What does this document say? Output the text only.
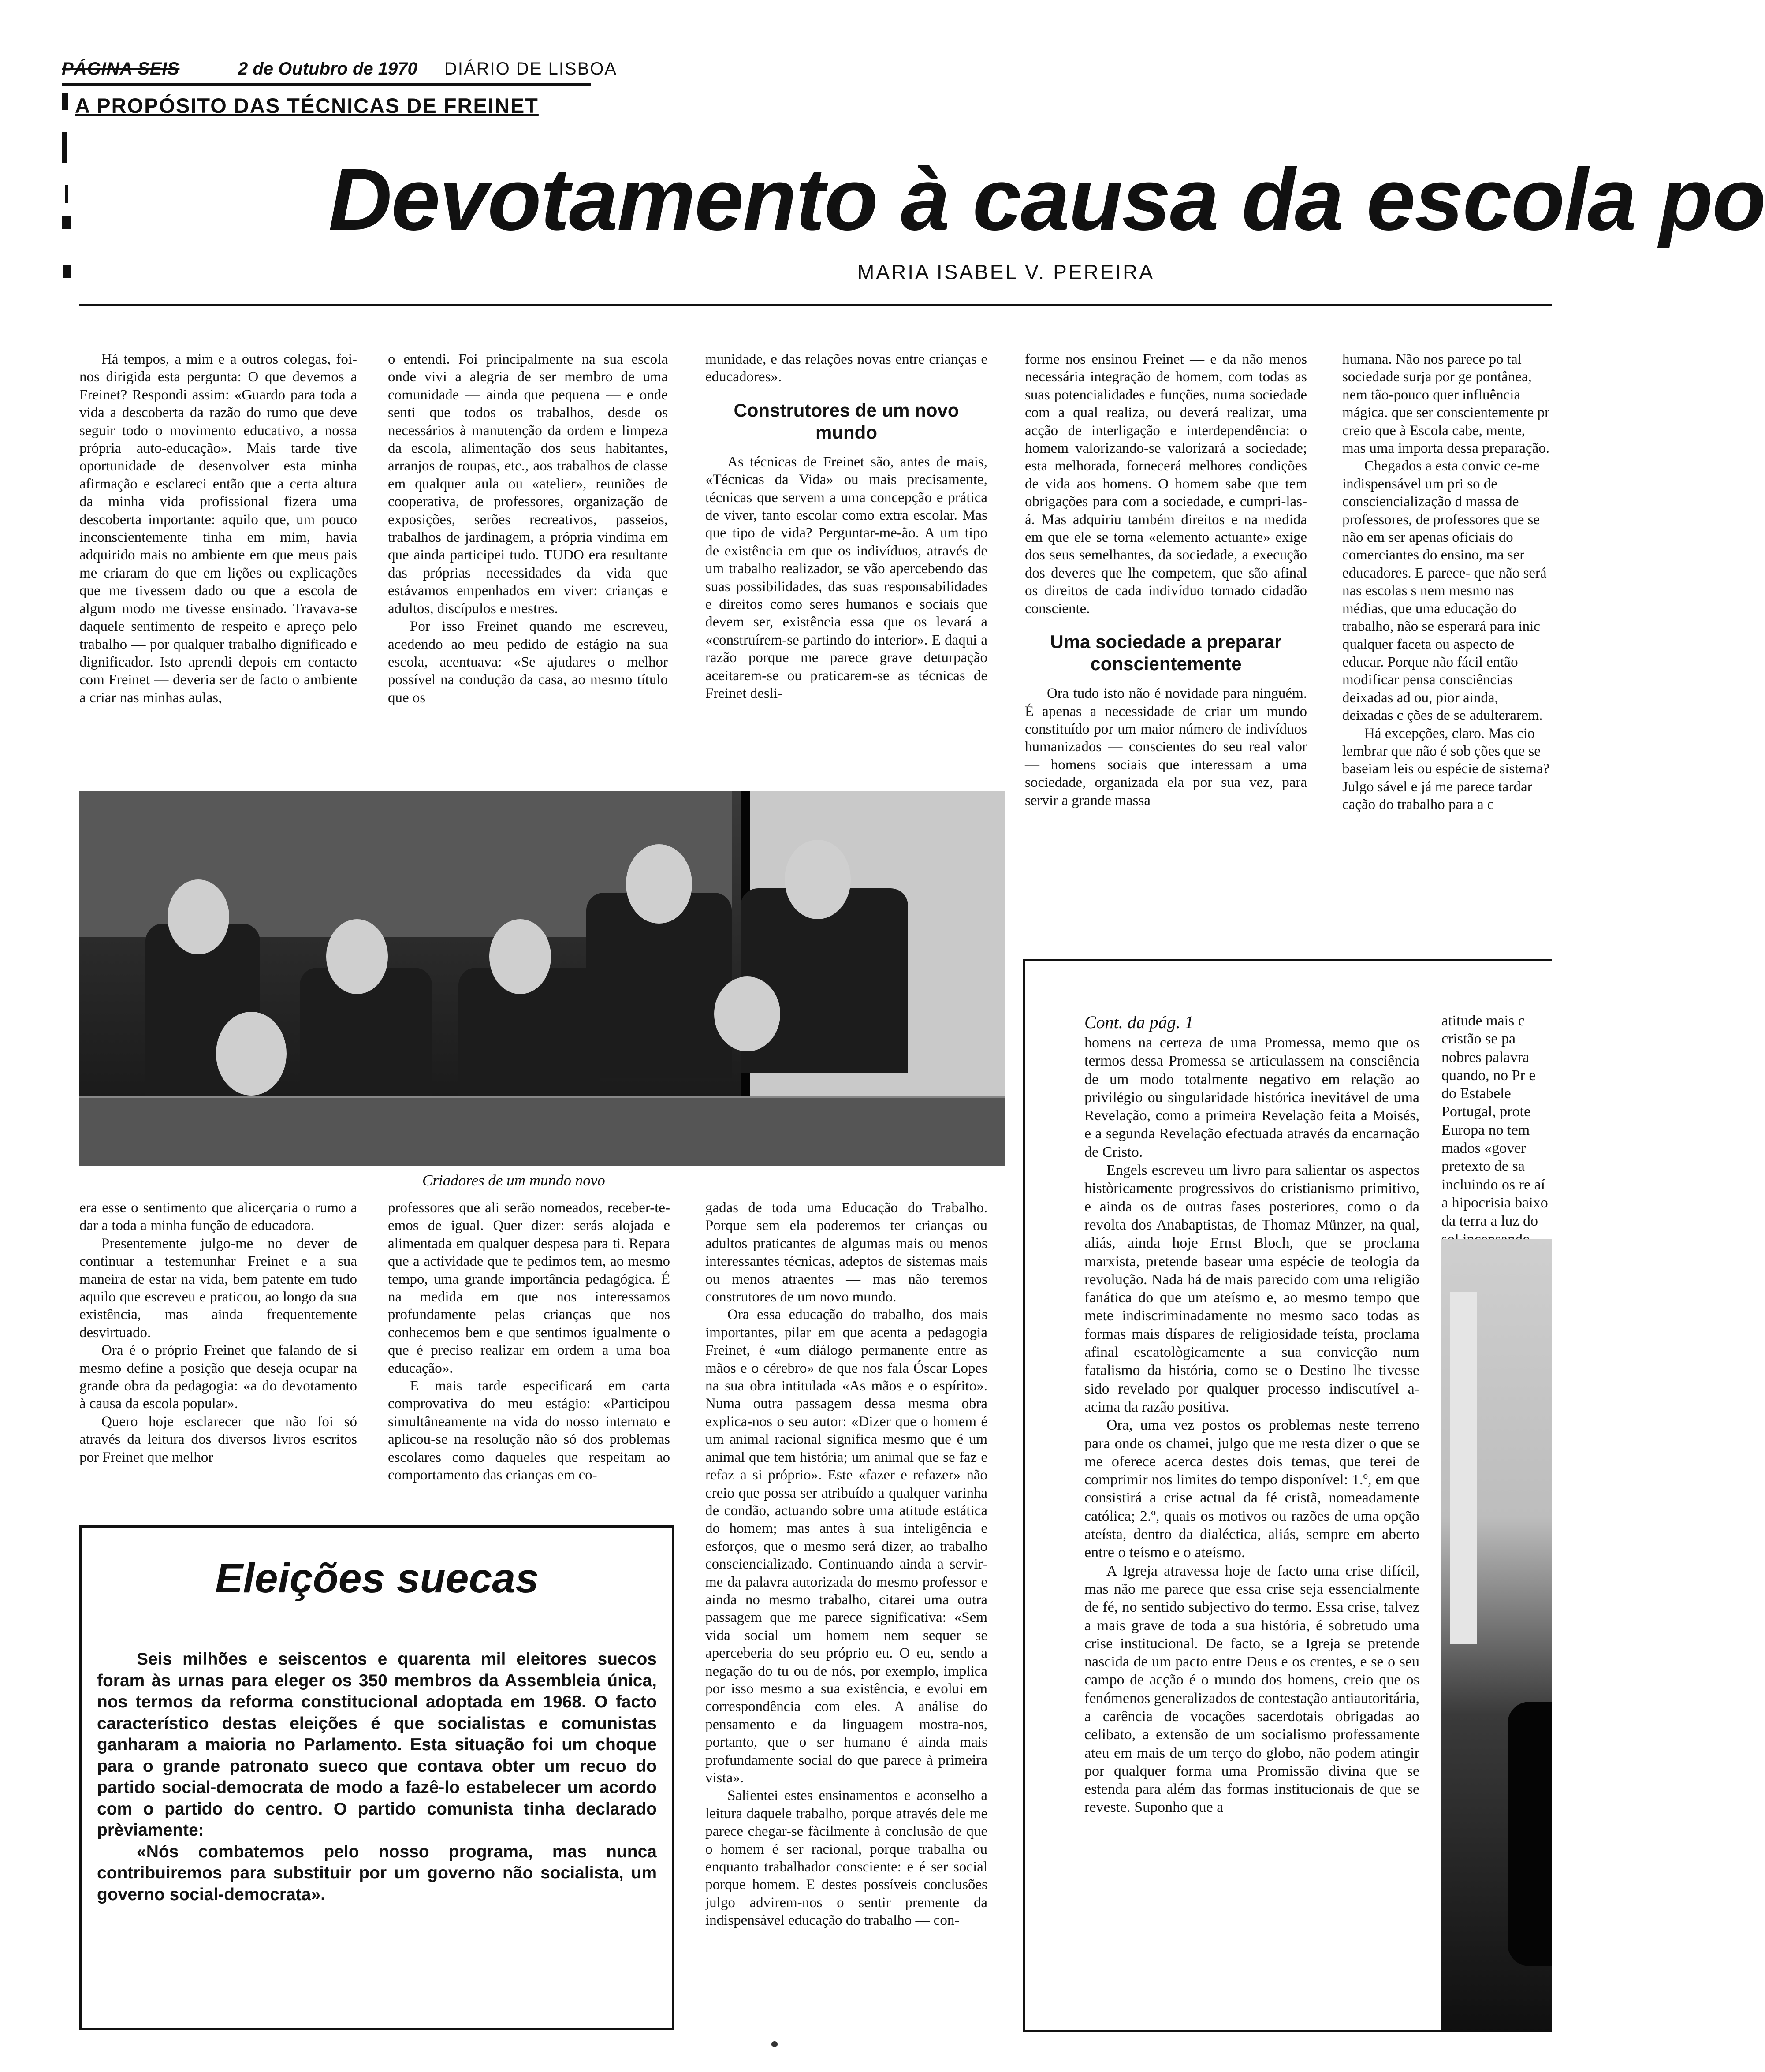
PÁGINA SEIS	2 de Outubro de 1970 DIÁRIO DE LISBOA
A PROPÓSITO DAS TÉCNICAS DE FREINET
Devotamento à causa da escola po
MARIA ISABEL V. PEREIRA

Há tempos, a mim e a outros colegas, foi-nos dirigida esta pergunta: O que devemos a Freinet? Respondi assim: «Guardo para toda a vida a descoberta da razão do rumo que deve seguir todo o movimento educativo, a nossa própria auto-educação». Mais tarde tive oportunidade de desenvolver esta minha afirmação e esclareci então que a certa altura da minha vida profissional fizera uma descoberta importante: aquilo que, um pouco inconscientemente tinha em mim, havia adquirido mais no ambiente em que meus pais me criaram do que em lições ou explicações que me tivessem dado ou que a escola de algum modo me tivesse ensinado. Travava-se daquele sentimento de respeito e apreço pelo trabalho — por qualquer trabalho dignificado e dignificador. Isto aprendi depois em contacto com Freinet — deveria ser de facto o ambiente a criar nas minhas aulas,

o entendi. Foi principalmente na sua escola onde vivi a alegria de ser membro de uma comunidade — ainda que pequena — e onde senti que todos os trabalhos, desde os necessários à manutenção da ordem e limpeza da escola, alimentação dos seus habitantes, arranjos de roupas, etc., aos trabalhos de classe em qualquer aula ou «atelier», reuniões de cooperativa, de professores, organização de exposições, serões recreativos, passeios, trabalhos de jardinagem, a própria vindima em que ainda participei tudo. TUDO era resultante das próprias necessidades da vida que estávamos empenhados em viver: crianças e adultos, discípulos e mestres.

Por isso Freinet quando me escreveu, acedendo ao meu pedido de estágio na sua escola, acentuava: «Se ajudares o melhor possível na condução da casa, ao mesmo título que os

munidade, e das relações novas entre crianças e educadores».

Construtores de um novo mundo

As técnicas de Freinet são, antes de mais, «Técnicas da Vida» ou mais precisamente, técnicas que servem a uma concepção e prática de viver, tanto escolar como extra escolar. Mas que tipo de vida? Perguntar-me-ão. A um tipo de existência em que os indivíduos, através de um trabalho realizador, se vão apercebendo das suas possibilidades, das suas responsabilidades e direitos como seres humanos e sociais que devem ser, existência essa que os levará a «construírem-se partindo do interior». E daqui a razão porque me parece grave deturpação aceitarem-se ou praticarem-se as técnicas de Freinet desli-

forme nos ensinou Freinet — e da não menos necessária integração de homem, com todas as suas potencialidades e funções, numa sociedade com a qual realiza, ou deverá realizar, uma acção de interligação e interdependência: o homem valorizando-se valorizará a sociedade; esta melhorada, fornecerá melhores condições de vida aos homens. O homem sabe que tem obrigações para com a sociedade, e cumpri-las-á. Mas adquiriu também direitos e na medida em que ele se torna «elemento actuante» exige dos seus semelhantes, da sociedade, a execução dos deveres que lhe competem, que são afinal os direitos de cada indivíduo tornado cidadão consciente.

Uma sociedade a preparar conscientemente

Ora tudo isto não é novidade para ninguém. É apenas a necessidade de criar um mundo constituído por um maior número de indivíduos humanizados — conscientes do seu real valor — homens sociais que interessam a uma sociedade, organizada ela por sua vez, para servir a grande massa

humana. Não nos parece po tal sociedade surja por ge pontânea, nem tão-pouco quer influência mágica. que ser conscientemente pr creio que à Escola cabe, mente, mas uma importa dessa preparação.

Chegados a esta convic ce-me indispensável um pri so de consciencialização d massa de professores, de professores que se não em ser apenas oficiais do comerciantes do ensino, ma ser educadores. E parece- que não será nas escolas s nem mesmo nas médias, que uma educação do trabalho, não se esperará para inic qualquer faceta ou aspecto de educar. Porque não fácil então modificar pensa consciências deixadas ad ou, pior ainda, deixadas c ções de se adulterarem.

Há excepções, claro. Mas cio lembrar que não é sob ções que se baseiam leis ou espécie de sistema? Julgo sável e já me parece tardar cação do trabalho para a c

Criadores de um mundo novo

era esse o sentimento que alicerçaria o rumo a dar a toda a minha função de educadora.

Presentemente julgo-me no dever de continuar a testemunhar Freinet e a sua maneira de estar na vida, bem patente em tudo aquilo que escreveu e praticou, ao longo da sua existência, mas ainda frequentemente desvirtuado.

Ora é o próprio Freinet que falando de si mesmo define a posição que deseja ocupar na grande obra da pedagogia: «a do devotamento à causa da escola popular».

Quero hoje esclarecer que não foi só através da leitura dos diversos livros escritos por Freinet que melhor

professores que ali serão nomeados, receber-te-emos de igual. Quer dizer: serás alojada e alimentada em qualquer despesa para ti. Repara que a actividade que te pedimos tem, ao mesmo tempo, uma grande importância pedagógica. É na medida em que nos interessamos profundamente pelas crianças que nos conhecemos bem e que sentimos igualmente o que é preciso realizar em ordem a uma boa educação».

E mais tarde especificará em carta comprovativa do meu estágio: «Participou simultâneamente na vida do nosso internato e aplicou-se na resolução não só dos problemas escolares como daqueles que respeitam ao comportamento das crianças em co-

gadas de toda uma Educação do Trabalho. Porque sem ela poderemos ter crianças ou adultos praticantes de algumas mais ou menos interessantes técnicas, adeptos de sistemas mais ou menos atraentes — mas não teremos construtores de um novo mundo.

Ora essa educação do trabalho, dos mais importantes, pilar em que acenta a pedagogia Freinet, é «um diálogo permanente entre as mãos e o cérebro» de que nos fala Óscar Lopes na sua obra intitulada «As mãos e o espírito». Numa outra passagem dessa mesma obra explica-nos o seu autor: «Dizer que o homem é um animal racional significa mesmo que é um animal que tem história; um animal que se faz e refaz a si próprio». Este «fazer e refazer» não creio que possa ser atribuído a qualquer varinha de condão, actuando sobre uma atitude estática do homem; mas antes à sua inteligência e esforços, que o mesmo será dizer, ao trabalho consciencializado. Continuando ainda a servir-me da palavra autorizada do mesmo professor e ainda no mesmo trabalho, citarei uma outra passagem que me parece significativa: «Sem vida social um homem nem sequer se aperceberia do seu próprio eu. O eu, sendo a negação do tu ou de nós, por exemplo, implica por isso mesmo a sua existência, e evolui em correspondência com eles. A análise do pensamento e da linguagem mostra-nos, portanto, que o ser humano é ainda mais profundamente social do que parece à primeira vista».

Salientei estes ensinamentos e aconselho a leitura daquele trabalho, porque através dele me parece chegar-se fàcilmente à conclusão de que o homem é ser racional, porque trabalha ou enquanto trabalhador consciente: e é ser social porque homem. E destes possíveis conclusões julgo advirem-nos o sentir premente da indispensável educação do trabalho — con-

Eleições suecas

Seis milhões e seiscentos e quarenta mil eleitores suecos foram às urnas para eleger os 350 membros da Assembleia única, nos termos da reforma constitucional adoptada em 1968. O facto característico destas eleições é que socialistas e comunistas ganharam a maioria no Parlamento. Esta situação foi um choque para o grande patronato sueco que contava obter um recuo do partido social-democrata de modo a fazê-lo estabelecer um acordo com o partido do centro. O partido comunista tinha declarado prèviamente:

«Nós combatemos pelo nosso programa, mas nunca contribuiremos para substituir por um governo não socialista, um governo social-democrata».

Cont. da pág. 1

homens na certeza de uma Promessa, memo que os termos dessa Promessa se articulassem na consciência de um modo totalmente negativo em relação ao privilégio ou singularidade histórica inevitável de uma Revelação, como a primeira Revelação feita a Moisés, e a segunda Revelação efectuada através da encarnação de Cristo.

Engels escreveu um livro para salientar os aspectos històricamente progressivos do cristianismo primitivo, e ainda os de outras fases posteriores, como o da revolta dos Anabaptistas, de Thomaz Münzer, na qual, aliás, ainda hoje Ernst Bloch, que se proclama marxista, pretende basear uma espécie de teologia da revolução. Nada há de mais parecido com uma religião fanática do que um ateísmo e, ao mesmo tempo que mete indiscriminadamente no mesmo saco todas as formas mais díspares de religiosidade teísta, proclama afinal escatològicamente a sua convicção num fatalismo da história, como se o Destino lhe tivesse sido revelado por qualquer processo indiscutível a-acima da razão positiva.

Ora, uma vez postos os problemas neste terreno para onde os chamei, julgo que me resta dizer o que se me oferece acerca destes dois temas, que terei de comprimir nos limites do tempo disponível: 1.º, em que consistirá a crise actual da fé cristã, nomeadamente católica; 2.º, quais os motivos ou razões de uma opção ateísta, dentro da dialéctica, aliás, sempre em aberto entre o teísmo e o ateísmo.

A Igreja atravessa hoje de facto uma crise difícil, mas não me parece que essa crise seja essencialmente de fé, no sentido subjectivo do termo. Essa crise, talvez a mais grave de toda a sua história, é sobretudo uma crise institucional. De facto, se a Igreja se pretende nascida de um pacto entre Deus e os crentes, e se o seu campo de acção é o mundo dos homens, creio que os fenómenos generalizados de contestação antiautoritária, a carência de vocações sacerdotais obrigadas ao celibato, a extensão de um socialismo professamente ateu em mais de um terço do globo, não podem atingir por qualquer forma uma Promissão divina que se estenda para além das formas institucionais de que se reveste. Suponho que a

atitude mais c cristão se pa nobres palavra quando, no Pr e do Estabele Portugal, prote Europa no tem mados «gover pretexto de sa incluindo os re aí a hipocrisia baixo da terra a luz do
